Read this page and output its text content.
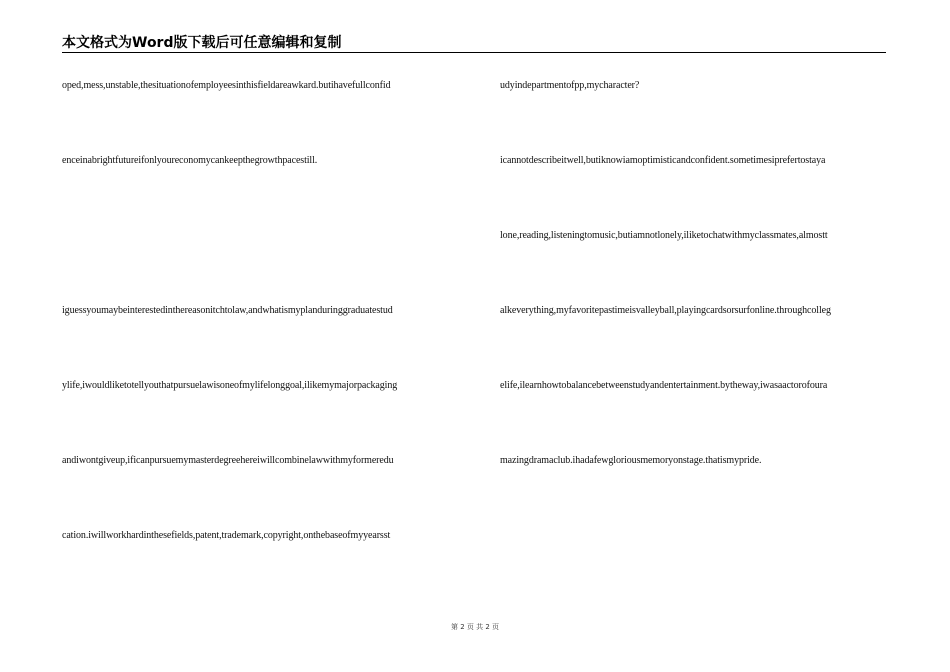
本文格式为Word版下载后可任意编辑和复制
oped,mess,unstable,thesituationofemployeesinthisfieldareawkard.butihavefullconfid
enceinabrightfutureifonlyoureconomycankeepthegrowthpacestill.
iguessyoumaybeinterestedinthereasonitchtolaw,andwhatismyplanduringgraduatestud
ylife,iwouldliketotellyouthatpursuelawisoneofmylifelonggoal,ilikemymajorpackaging
andiwontgiveup,ificanpursuemymasterdegreehereiwillcombinelawwithmyformeredu
cation.iwillworkhardinthesefields,patent,trademark,copyright,onthebaseofmyyearsst
udyindepartmentofpp,mycharacter?
icannotdescribeitwell,butiknowiamoptimisticandconfident.sometimesiprefertostaya
lone,reading,listeningtomusic,butiamnotlonely,iliketochatwithmyclassmates,almostt
alkeverything,myfavoritepastimeisvalleyball,playingcardsorsurfonline.throughcolleg
elife,ilearnhowtobalancebetweenstudyandentertainment.bytheway,iwasaactorofoura
mazingdramaclub.ihadafewgloriousmemoryonstage.thatismypride.
第 2 页 共 2 页
